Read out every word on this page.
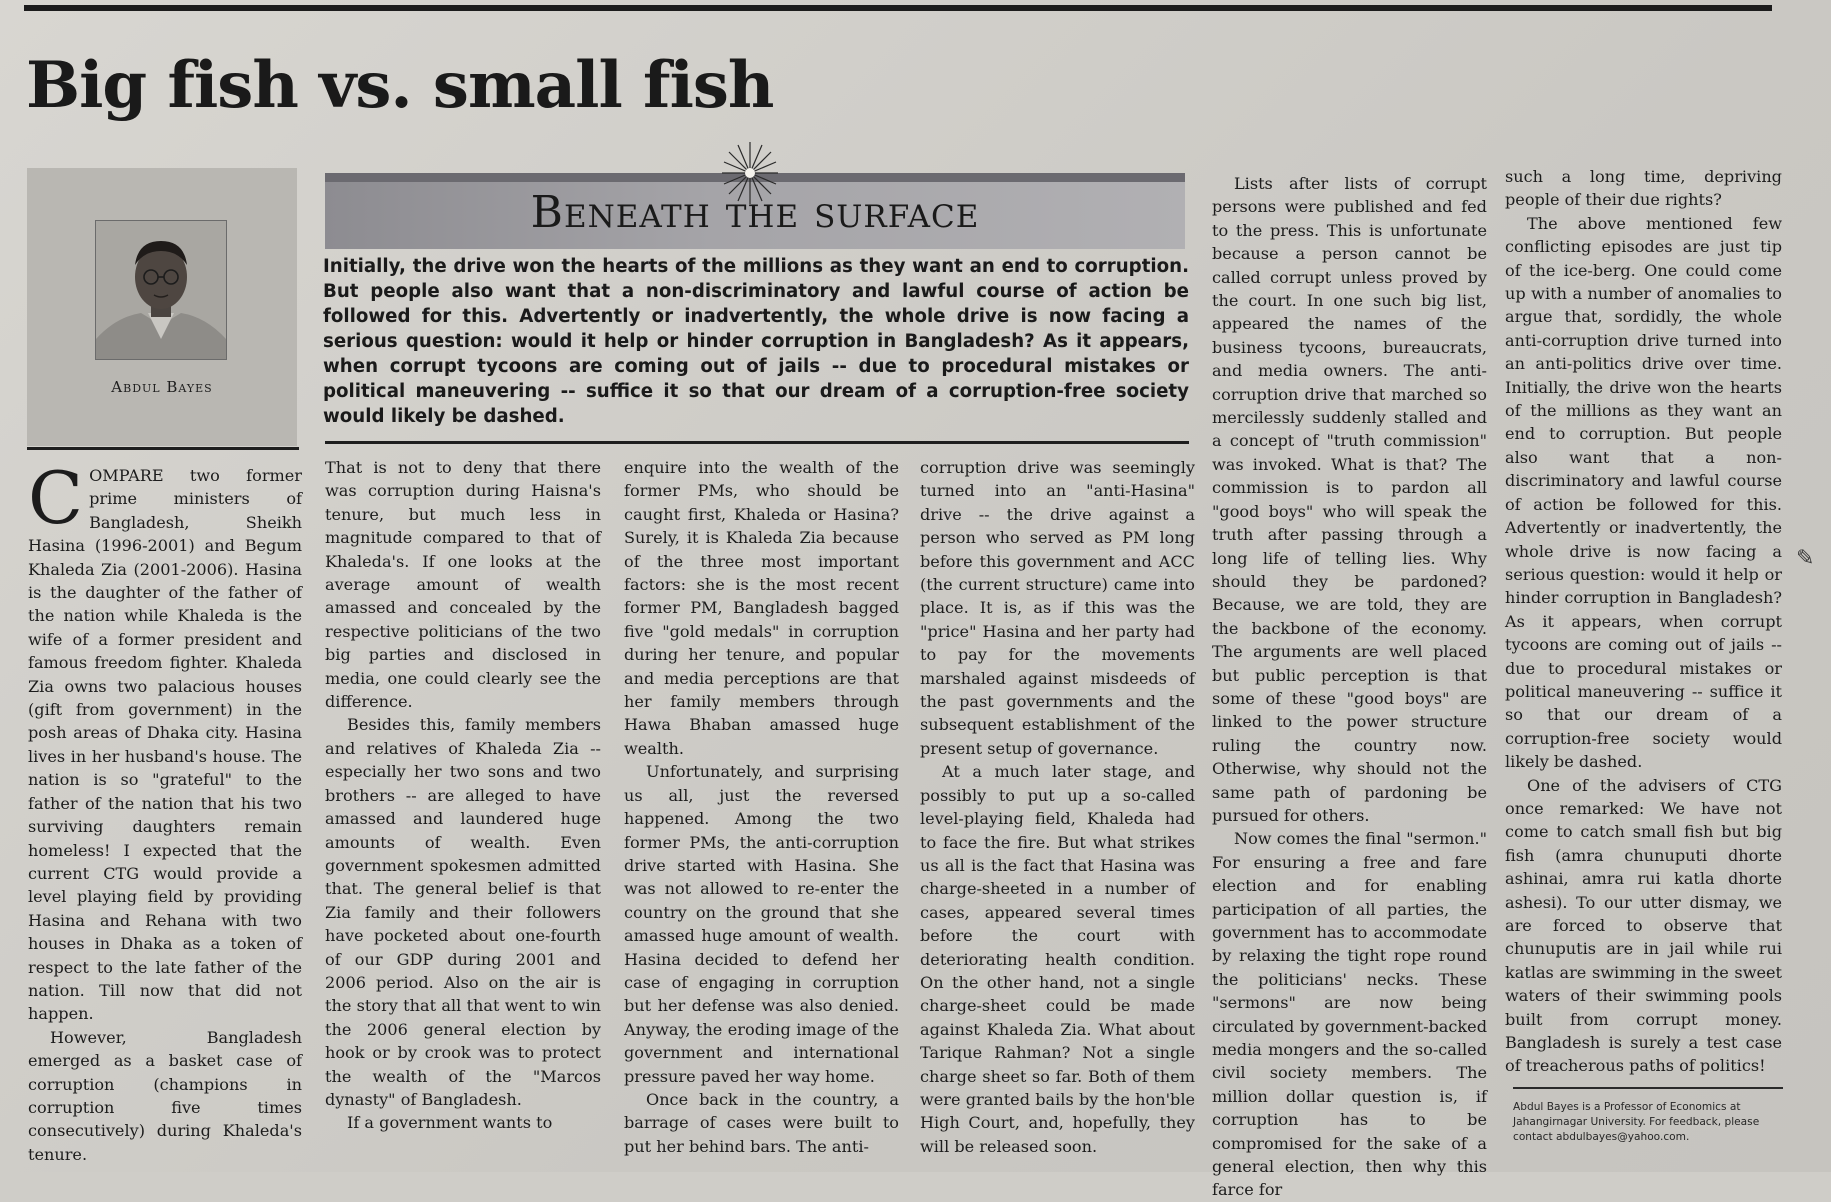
Big fish vs. small fish
Abdul Bayes
Beneath the surface

Initially, the drive won the hearts of the millions as they want an end to corruption. But people also want that a non-discriminatory and lawful course of action be followed for this. Advertently or inadvertently, the whole drive is now facing a serious question: would it help or hinder corruption in Bangladesh? As it appears, when corrupt tycoons are coming out of jails -- due to procedural mistakes or political maneuvering -- suffice it so that our dream of a corruption-free society would likely be dashed.

COMPARE two former prime ministers of Bangladesh, Sheikh Hasina (1996-2001) and Begum Khaleda Zia (2001-2006). Hasina is the daughter of the father of the nation while Khaleda is the wife of a former president and famous freedom fighter. Khaleda Zia owns two palacious houses (gift from government) in the posh areas of Dhaka city. Hasina lives in her husband's house. The nation is so "grateful" to the father of the nation that his two surviving daughters remain homeless! I expected that the current CTG would provide a level playing field by providing Hasina and Rehana with two houses in Dhaka as a token of respect to the late father of the nation. Till now that did not happen.

However, Bangladesh emerged as a basket case of corruption (champions in corruption five times consecutively) during Khaleda's tenure.

That is not to deny that there was corruption during Haisna's tenure, but much less in magnitude compared to that of Khaleda's. If one looks at the average amount of wealth amassed and concealed by the respective politicians of the two big parties and disclosed in media, one could clearly see the difference.

Besides this, family members and relatives of Khaleda Zia -- especially her two sons and two brothers -- are alleged to have amassed and laundered huge amounts of wealth. Even government spokesmen admitted that. The general belief is that Zia family and their followers have pocketed about one-fourth of our GDP during 2001 and 2006 period. Also on the air is the story that all that went to win the 2006 general election by hook or by crook was to protect the wealth of the "Marcos dynasty" of Bangladesh.

If a government wants to

enquire into the wealth of the former PMs, who should be caught first, Khaleda or Hasina? Surely, it is Khaleda Zia because of the three most important factors: she is the most recent former PM, Bangladesh bagged five "gold medals" in corruption during her tenure, and popular and media perceptions are that her family members through Hawa Bhaban amassed huge wealth.

Unfortunately, and surprising us all, just the reversed happened. Among the two former PMs, the anti-corruption drive started with Hasina. She was not allowed to re-enter the country on the ground that she amassed huge amount of wealth. Hasina decided to defend her case of engaging in corruption but her defense was also denied. Anyway, the eroding image of the government and international pressure paved her way home.

Once back in the country, a barrage of cases were built to put her behind bars. The anti-

corruption drive was seemingly turned into an "anti-Hasina" drive -- the drive against a person who served as PM long before this government and ACC (the current structure) came into place. It is, as if this was the "price" Hasina and her party had to pay for the movements marshaled against misdeeds of the past governments and the subsequent establishment of the present setup of governance.

At a much later stage, and possibly to put up a so-called level-playing field, Khaleda had to face the fire. But what strikes us all is the fact that Hasina was charge-sheeted in a number of cases, appeared several times before the court with deteriorating health condition. On the other hand, not a single charge-sheet could be made against Khaleda Zia. What about Tarique Rahman? Not a single charge sheet so far. Both of them were granted bails by the hon'ble High Court, and, hopefully, they will be released soon.

Lists after lists of corrupt persons were published and fed to the press. This is unfortunate because a person cannot be called corrupt unless proved by the court. In one such big list, appeared the names of the business tycoons, bureaucrats, and media owners. The anti-corruption drive that marched so mercilessly suddenly stalled and a concept of "truth commission" was invoked. What is that? The commission is to pardon all "good boys" who will speak the truth after passing through a long life of telling lies. Why should they be pardoned? Because, we are told, they are the backbone of the economy. The arguments are well placed but public perception is that some of these "good boys" are linked to the power structure ruling the country now. Otherwise, why should not the same path of pardoning be pursued for others.

Now comes the final "sermon." For ensuring a free and fare election and for enabling participation of all parties, the government has to accommodate by relaxing the tight rope round the politicians' necks. These "sermons" are now being circulated by government-backed media mongers and the so-called civil society members. The million dollar question is, if corruption has to be compromised for the sake of a general election, then why this farce for

such a long time, depriving people of their due rights?

The above mentioned few conflicting episodes are just tip of the ice-berg. One could come up with a number of anomalies to argue that, sordidly, the whole anti-corruption drive turned into an anti-politics drive over time. Initially, the drive won the hearts of the millions as they want an end to corruption. But people also want that a non-discriminatory and lawful course of action be followed for this. Advertently or inadvertently, the whole drive is now facing a serious question: would it help or hinder corruption in Bangladesh? As it appears, when corrupt tycoons are coming out of jails -- due to procedural mistakes or political maneuvering -- suffice it so that our dream of a corruption-free society would likely be dashed.

One of the advisers of CTG once remarked: We have not come to catch small fish but big fish (amra chunuputi dhorte ashinai, amra rui katla dhorte ashesi). To our utter dismay, we are forced to observe that chunuputis are in jail while rui katlas are swimming in the sweet waters of their swimming pools built from corrupt money. Bangladesh is surely a test case of treacherous paths of politics!

Abdul Bayes is a Professor of Economics at Jahangirnagar University. For feedback, please contact abdulbayes@yahoo.com.

✎
